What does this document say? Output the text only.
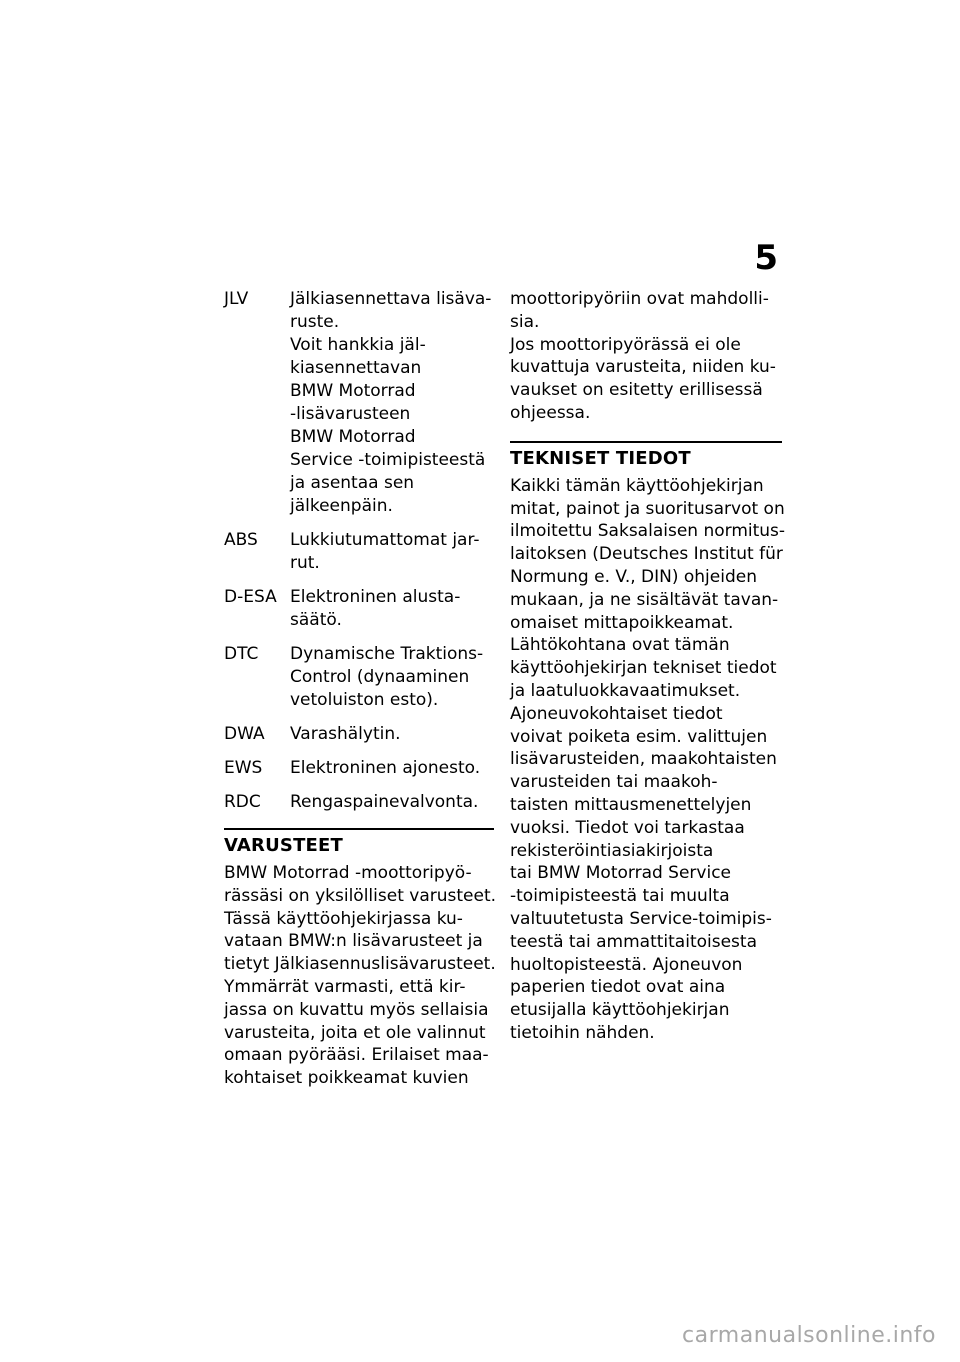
5
JLV	Jälkiasennettava lisäva-
ruste.
Voit hankkia jäl-
kiasennettavan
BMW Motorrad
-lisävarusteen
BMW Motorrad
Service -toimipisteestä
ja asentaa sen
jälkeenpäin.
ABS	Lukkiutumattomat jar-
rut.
D-ESA Elektroninen alusta-
säätö.
DTC	Dynamische Traktions-
Control (dynaaminen
vetoluiston esto).
DWA	Varashälytin.
EWS	Elektroninen ajonesto.
RDC	Rengaspainevalvonta.
VARUSTEET
BMW Motorrad -moottoripyö-
rässäsi on yksilölliset varusteet.
Tässä käyttöohjekirjassa ku-
vataan BMW:n lisävarusteet ja
tietyt Jälkiasennuslisävarusteet.
Ymmärrät varmasti, että kir-
jassa on kuvattu myös sellaisia
varusteita, joita et ole valinnut
omaan pyörääsi. Erilaiset maa-
kohtaiset poikkeamat kuvien
moottoripyöriin ovat mahdolli-
sia.
Jos moottoripyörässä ei ole
kuvattuja varusteita, niiden ku-
vaukset on esitetty erillisessä
ohjeessa.
TEKNISET TIEDOT
Kaikki tämän käyttöohjekirjan
mitat, painot ja suoritusarvot on
ilmoitettu Saksalaisen normitus-
laitoksen (Deutsches Institut für
Normung e. V., DIN) ohjeiden
mukaan, ja ne sisältävät tavan-
omaiset mittapoikkeamat.
Lähtökohtana ovat tämän
käyttöohjekirjan tekniset tiedot
ja laatuluokkavaatimukset.
Ajoneuvokohtaiset tiedot
voivat poiketa esim. valittujen
lisävarusteiden, maakohtaisten
varusteiden tai maakoh-
taisten mittausmenettelyjen
vuoksi. Tiedot voi tarkastaa
rekisteröintiasiakirjoista
tai BMW Motorrad Service
-toimipisteestä tai muulta
valtuutetusta Service-toimipis-
teestä tai ammattitaitoisesta
huoltopisteestä. Ajoneuvon
paperien tiedot ovat aina
etusijalla käyttöohjekirjan
tietoihin nähden.
carmanualsonline.info
